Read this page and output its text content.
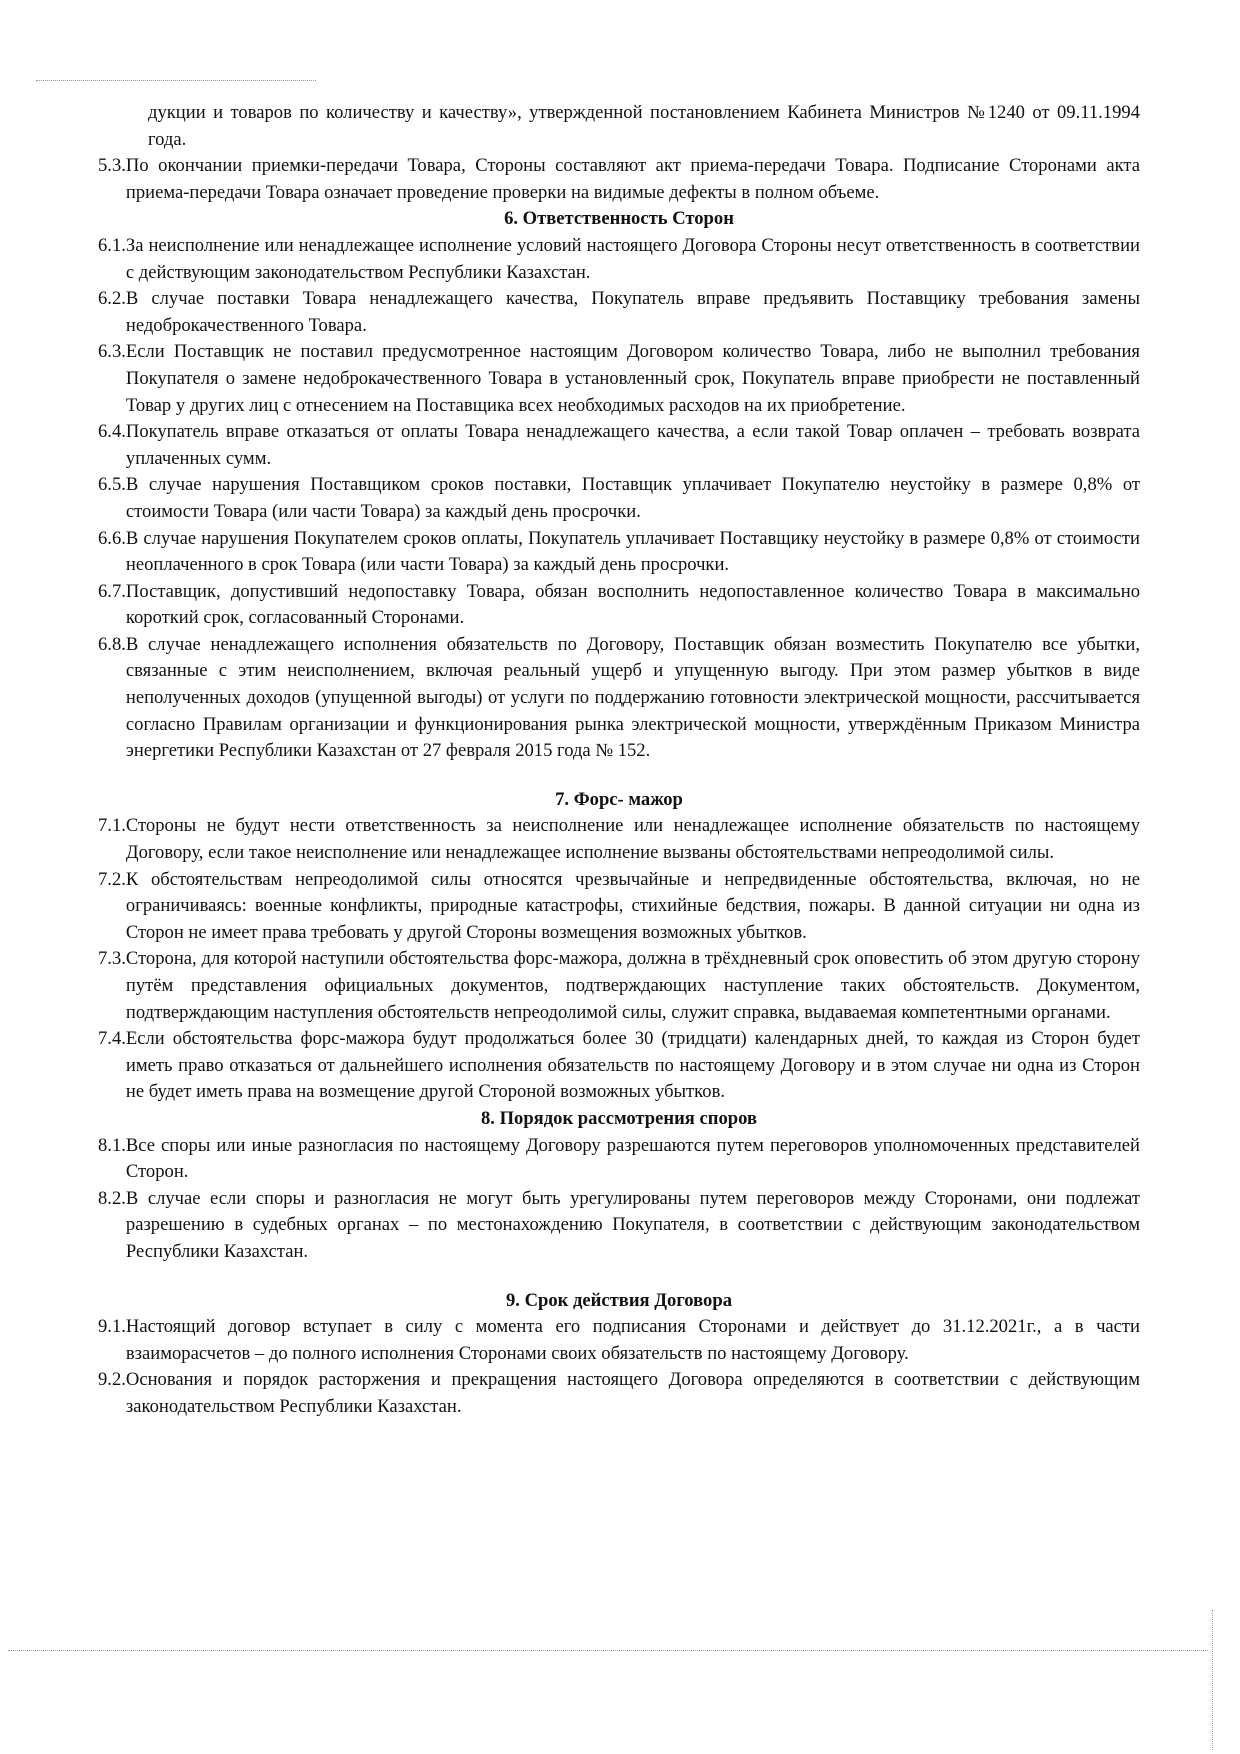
дукции и товаров по количеству и качеству», утвержденной постановлением Кабинета Министров №1240 от 09.11.1994 года.
5.3. По окончании приемки-передачи Товара, Стороны составляют акт приема-передачи Товара. Подписание Сторонами акта приема-передачи Товара означает проведение проверки на видимые дефекты в полном объеме.
6. Ответственность Сторон
6.1. За неисполнение или ненадлежащее исполнение условий настоящего Договора Стороны несут ответственность в соответствии с действующим законодательством Республики Казахстан.
6.2. В случае поставки Товара ненадлежащего качества, Покупатель вправе предъявить Поставщику требования замены недоброкачественного Товара.
6.3. Если Поставщик не поставил предусмотренное настоящим Договором количество Товара, либо не выполнил требования Покупателя о замене недоброкачественного Товара в установленный срок, Покупатель вправе приобрести не поставленный Товар у других лиц с отнесением на Поставщика всех необходимых расходов на их приобретение.
6.4. Покупатель вправе отказаться от оплаты Товара ненадлежащего качества, а если такой Товар оплачен – требовать возврата уплаченных сумм.
6.5. В случае нарушения Поставщиком сроков поставки, Поставщик уплачивает Покупателю неустойку в размере 0,8% от стоимости Товара (или части Товара) за каждый день просрочки.
6.6. В случае нарушения Покупателем сроков оплаты, Покупатель уплачивает Поставщику неустойку в размере 0,8% от стоимости неоплаченного в срок Товара (или части Товара) за каждый день просрочки.
6.7. Поставщик, допустивший недопоставку Товара, обязан восполнить недопоставленное количество Товара в максимально короткий срок, согласованный Сторонами.
6.8. В случае ненадлежащего исполнения обязательств по Договору, Поставщик обязан возместить Покупателю все убытки, связанные с этим неисполнением, включая реальный ущерб и упущенную выгоду. При этом размер убытков в виде неполученных доходов (упущенной выгоды) от услуги по поддержанию готовности электрической мощности, рассчитывается согласно Правилам организации и функционирования рынка электрической мощности, утверждённым Приказом Министра энергетики Республики Казахстан от 27 февраля 2015 года № 152.
7. Форс- мажор
7.1. Стороны не будут нести ответственность за неисполнение или ненадлежащее исполнение обязательств по настоящему Договору, если такое неисполнение или ненадлежащее исполнение вызваны обстоятельствами непреодолимой силы.
7.2. К обстоятельствам непреодолимой силы относятся чрезвычайные и непредвиденные обстоятельства, включая, но не ограничиваясь: военные конфликты, природные катастрофы, стихийные бедствия, пожары. В данной ситуации ни одна из Сторон не имеет права требовать у другой Стороны возмещения возможных убытков.
7.3. Сторона, для которой наступили обстоятельства форс-мажора, должна в трёхдневный срок оповестить об этом другую сторону путём представления официальных документов, подтверждающих наступление таких обстоятельств. Документом, подтверждающим наступления обстоятельств непреодолимой силы, служит справка, выдаваемая компетентными органами.
7.4. Если обстоятельства форс-мажора будут продолжаться более 30 (тридцати) календарных дней, то каждая из Сторон будет иметь право отказаться от дальнейшего исполнения обязательств по настоящему Договору и в этом случае ни одна из Сторон не будет иметь права на возмещение другой Стороной возможных убытков.
8. Порядок рассмотрения споров
8.1. Все споры или иные разногласия по настоящему Договору разрешаются путем переговоров уполномоченных представителей Сторон.
8.2. В случае если споры и разногласия не могут быть урегулированы путем переговоров между Сторонами, они подлежат разрешению в судебных органах – по местонахождению Покупателя, в соответствии с действующим законодательством Республики Казахстан.
9. Срок действия Договора
9.1. Настоящий договор вступает в силу с момента его подписания Сторонами и действует до 31.12.2021г., а в части взаиморасчетов – до полного исполнения Сторонами своих обязательств по настоящему Договору.
9.2. Основания и порядок расторжения и прекращения настоящего Договора определяются в соответствии с действующим законодательством Республики Казахстан.
